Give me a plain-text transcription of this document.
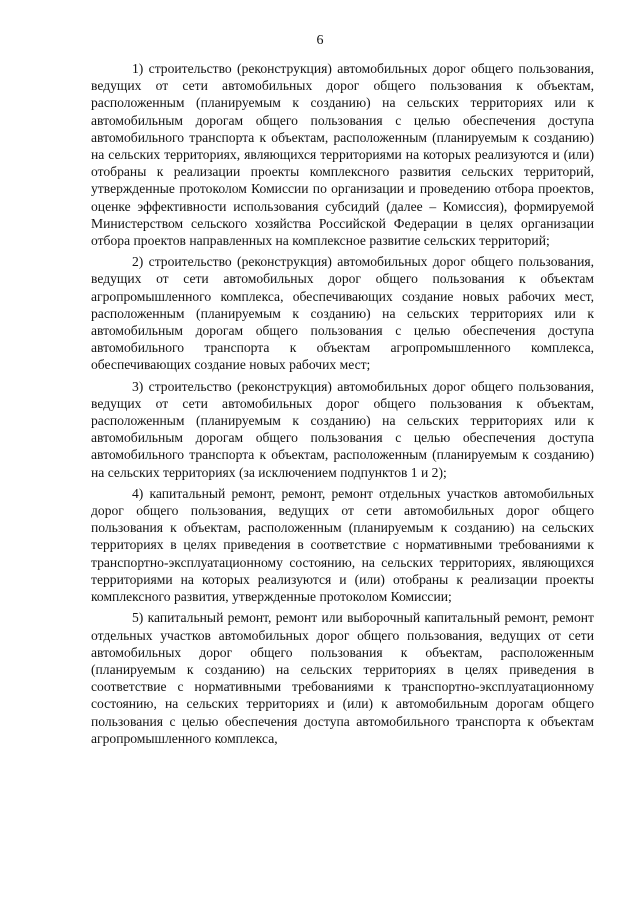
6

1) строительство (реконструкция) автомобильных дорог общего пользования, ведущих от сети автомобильных дорог общего пользования к объектам, расположенным (планируемым к созданию) на сельских территориях или к автомобильным дорогам общего пользования с целью обеспечения доступа автомобильного транспорта к объектам, расположенным (планируемым к созданию) на сельских территориях, являющихся территориями на которых реализуются и (или) отобраны к реализации проекты комплексного развития сельских территорий, утвержденные протоколом Комиссии по организации и проведению отбора проектов, оценке эффективности использования субсидий (далее – Комиссия), формируемой Министерством сельского хозяйства Российской Федерации в целях организации отбора проектов направленных на комплексное развитие сельских территорий;

2) строительство (реконструкция) автомобильных дорог общего пользования, ведущих от сети автомобильных дорог общего пользования к объектам агропромышленного комплекса, обеспечивающих создание новых рабочих мест, расположенным (планируемым к созданию) на сельских территориях или к автомобильным дорогам общего пользования с целью обеспечения доступа автомобильного транспорта к объектам агропромышленного комплекса, обеспечивающих создание новых рабочих мест;

3) строительство (реконструкция) автомобильных дорог общего пользования, ведущих от сети автомобильных дорог общего пользования к объектам, расположенным (планируемым к созданию) на сельских территориях или к автомобильным дорогам общего пользования с целью обеспечения доступа автомобильного транспорта к объектам, расположенным (планируемым к созданию) на сельских территориях (за исключением подпунктов 1 и 2);

4) капитальный ремонт, ремонт, ремонт отдельных участков автомобильных дорог общего пользования, ведущих от сети автомобильных дорог общего пользования к объектам, расположенным (планируемым к созданию) на сельских территориях в целях приведения в соответствие с нормативными требованиями к транспортно-эксплуатационному состоянию, на сельских территориях, являющихся территориями на которых реализуются и (или) отобраны к реализации проекты комплексного развития, утвержденные протоколом Комиссии;

5) капитальный ремонт, ремонт или выборочный капитальный ремонт, ремонт отдельных участков автомобильных дорог общего пользования, ведущих от сети автомобильных дорог общего пользования к объектам, расположенным (планируемым к созданию) на сельских территориях в целях приведения в соответствие с нормативными требованиями к транспортно-эксплуатационному состоянию, на сельских территориях и (или) к автомобильным дорогам общего пользования с целью обеспечения доступа автомобильного транспорта к объектам агропромышленного комплекса,
